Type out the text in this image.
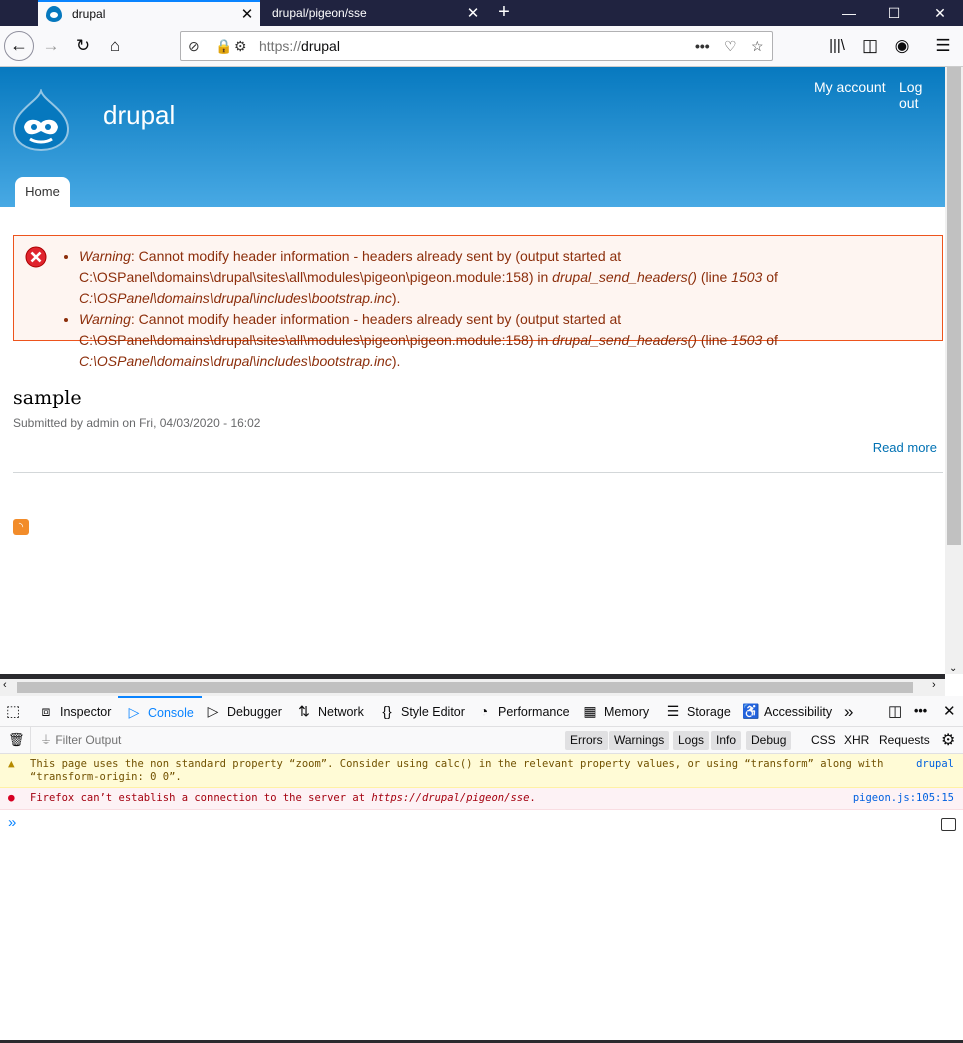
drupal	✕	drupal/pigeon/sse	✕ +	—	☐	✕
← → ↻	⌂	⊘ 🔒 ⚙ https://drupal	••• ♡ ☆	|||\	◫ ◉	☰
drupal
My account Log out
Home
• Warning: Cannot modify header information - headers already sent by (output started at C:\OSPanel\domains\drupal\sites\all\modules\pigeon\pigeon.module:158) in drupal_send_headers() (line 1503 of C:\OSPanel\domains\drupal\includes\bootstrap.inc).
• Warning: Cannot modify header information - headers already sent by (output started at C:\OSPanel\domains\drupal\sites\all\modules\pigeon\pigeon.module:158) in drupal_send_headers() (line 1503 of C:\OSPanel\domains\drupal\includes\bootstrap.inc).
sample
Submitted by admin on Fri, 04/03/2020 - 16:02
Read more
◝
⌄
‹	›
⬚ ⧈ Inspector	▷ Console ▷ Debugger ⇅ Network {} Style Editor ◔ Performance ▦ Memory ☰ Storage ♿ Accessibility » ◫ ••• ✕
🗑 ⏚ Filter Output	Errors Warnings	Logs Info	Debug	CSS XHR Requests ⚙
▲ This page uses the non standard property “zoom”. Consider using calc() in the relevant property values, or using “transform” along with “transform-origin: 0 0”.
drupal
● Firefox can’t establish a connection to the server at https://drupal/pigeon/sse.	pigeon.js:105:15
»
